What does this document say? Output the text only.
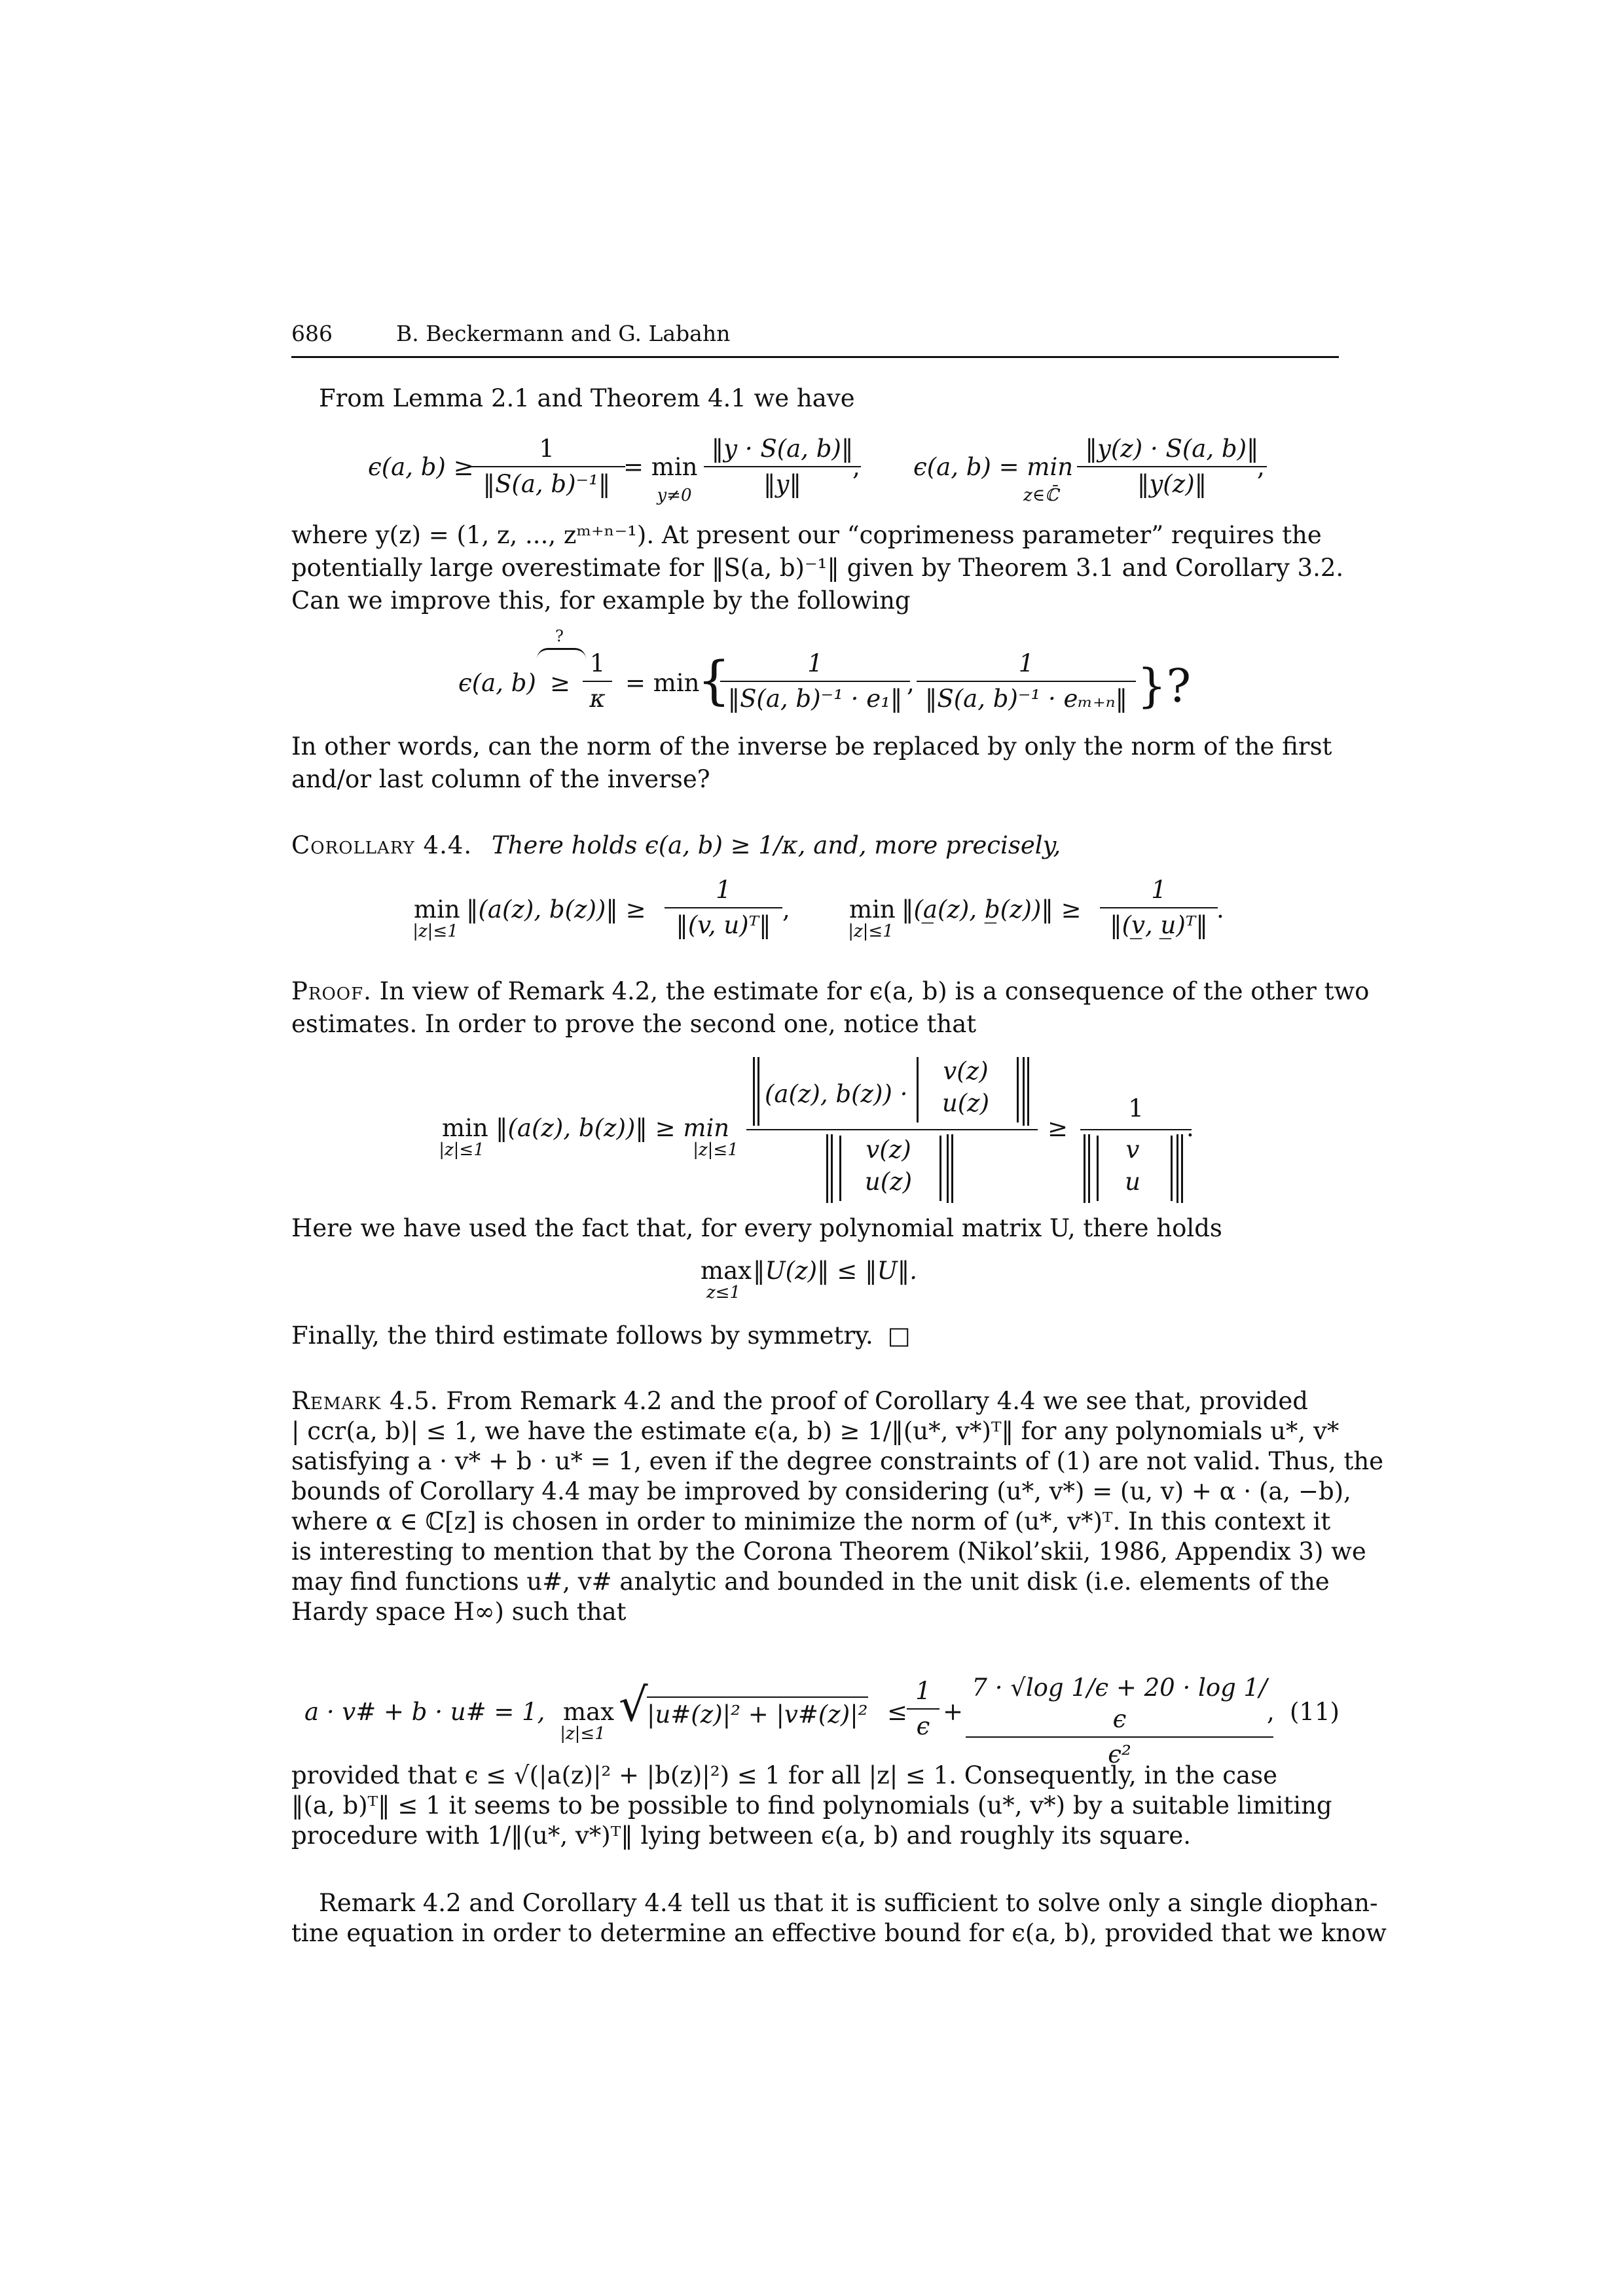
686	B. Beckermann and G. Labahn
From Lemma 2.1 and Theorem 4.1 we have
ϵ(a, b) ≥
$\frac{1}{\text{‖S(a, b)⁻¹‖}}$
= min
$y\ne 0 \frac{‖y \cdot S(a, b)‖}{‖y‖}$
, ϵ(a, b) = min
z∈ℂ̄ $\frac{‖y(z) \cdot S(a, b)‖}{‖y(z)‖}$
,
where y(z) = (1, z, ..., zᵐ⁺ⁿ⁻¹). At present our “coprimeness parameter” requires the
potentially large overestimate for ‖S(a, b)⁻¹‖ given by Theorem 3.1 and Corollary 3.2.
Can we improve this, for example by the following
?
ϵ(a, $b) \ge \frac{1}{\kappa} = \min$
{
$\frac{1}{\text{‖S(a, b)⁻¹ · e₁‖}}$
, $\frac{1}{\text{‖S(a, b)⁻¹ · eₘ₊ₙ‖}}$ }?
In other words, can the norm of the inverse be replaced by only the norm of the first
and/or last column of the inverse?
Corollary 4.4. There holds ϵ(a, b) ≥ 1/κ, and, more precisely,
min
|z|≤1
‖(a(z), b(z))‖ ≥ $\frac{1}{\text{‖(v, u)ᵀ‖}}$ , min
|z|≤1
‖(a̲(z), b̲(z))‖ ≥ $\frac{1}{\text{‖(v̲, u̲)ᵀ‖}}$
.
Proof. In view of Remark 4.2, the estimate for ϵ(a, b) is a consequence of the other two
estimates. In order to prove the second one, notice that
min
|z|≤1
‖(a(z), b(z))‖ ≥ min
|z|≤1
(a(z), b(z)) ·
v(z)
u(z)
v(z)
u(z)
≥
1
v
u
.
Here we have used the fact that, for every polynomial matrix U, there holds
max
z≤1
‖U(z)‖ ≤ ‖U‖.
Finally, the third estimate follows by symmetry. □
Remark 4.5. From Remark 4.2 and the proof of Corollary 4.4 we see that, provided
| ccr(a, b)| ≤ 1, we have the estimate ϵ(a, b) ≥ 1/‖(u*, v*)ᵀ‖ for any polynomials u*, v*
satisfying a · v* + b · u* = 1, even if the degree constraints of (1) are not valid. Thus, the
bounds of Corollary 4.4 may be improved by considering (u*, v*) = (u, v) + α · (a, −b),
where α ∈ ℂ[z] is chosen in order to minimize the norm of (u*, v*)ᵀ. In this context it
is interesting to mention that by the Corona Theorem (Nikol’skii, 1986, Appendix 3) we
may find functions u#, v# analytic and bounded in the unit disk (i.e. elements of the
Hardy space H∞) such that
a · v# + b · u# = 1, max
|z|≤1
√
|u#(z)|² + |v#(z)|² ≤
$\frac{1}{\epsilon} + \frac{7 \cdot √\log 1/\epsilon + 20 \cdot \log 1/\epsilon}{\text{ϵ²}}$
, (11)
provided that ϵ ≤ √(|a(z)|² + |b(z)|²) ≤ 1 for all |z| ≤ 1. Consequently, in the case
‖(a, b)ᵀ‖ ≤ 1 it seems to be possible to find polynomials (u*, v*) by a suitable limiting
procedure with 1/‖(u*, v*)ᵀ‖ lying between ϵ(a, b) and roughly its square.
Remark 4.2 and Corollary 4.4 tell us that it is sufficient to solve only a single diophan-
tine equation in order to determine an effective bound for ϵ(a, b), provided that we know
